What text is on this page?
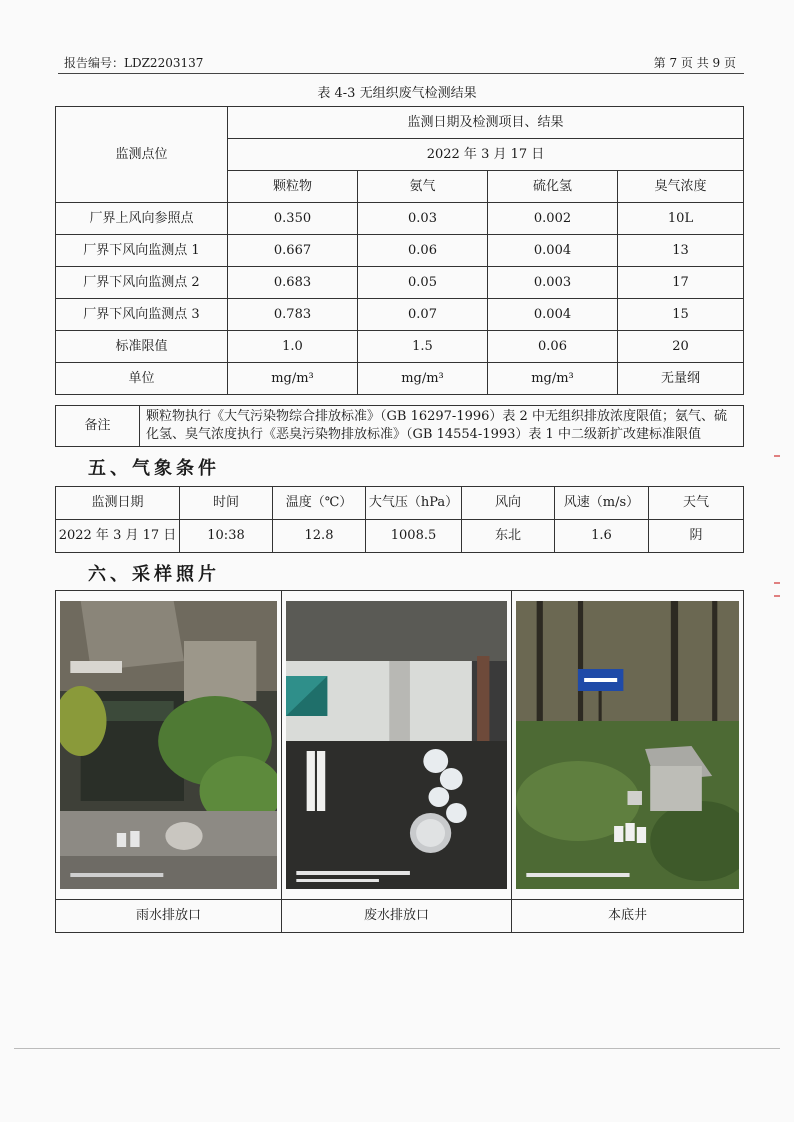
报告编号：LDZ2203137	第 7 页 共 9 页
表 4-3 无组织废气检测结果
监测点位	监测日期及检测项目、结果			
	2022 年 3 月 17 日			
	颗粒物	氨气	硫化氢	臭气浓度
厂界上风向参照点	0.350	0.03	0.002	10L
厂界下风向监测点 1	0.667	0.06	0.004	13
厂界下风向监测点 2	0.683	0.05	0.003	17
厂界下风向监测点 3	0.783	0.07	0.004	15
标准限值	1.0	1.5	0.06	20
单位	mg/m³	mg/m³	mg/m³	无量纲
备注	颗粒物执行《大气污染物综合排放标准》（GB 16297-1996）表 2 中无组织排放浓度限值；氨气、硫化氢、臭气浓度执行《恶臭污染物排放标准》（GB 14554-1993）表 1 中二级新扩改建标准限值
五、气象条件
监测日期	时间	温度（℃）	大气压（hPa）	风向	风速（m/s）	天气
2022 年 3 月 17 日	10:38	12.8	1008.5	东北	1.6	阴
六、采样照片

雨水排放口	废水排放口	本底井
